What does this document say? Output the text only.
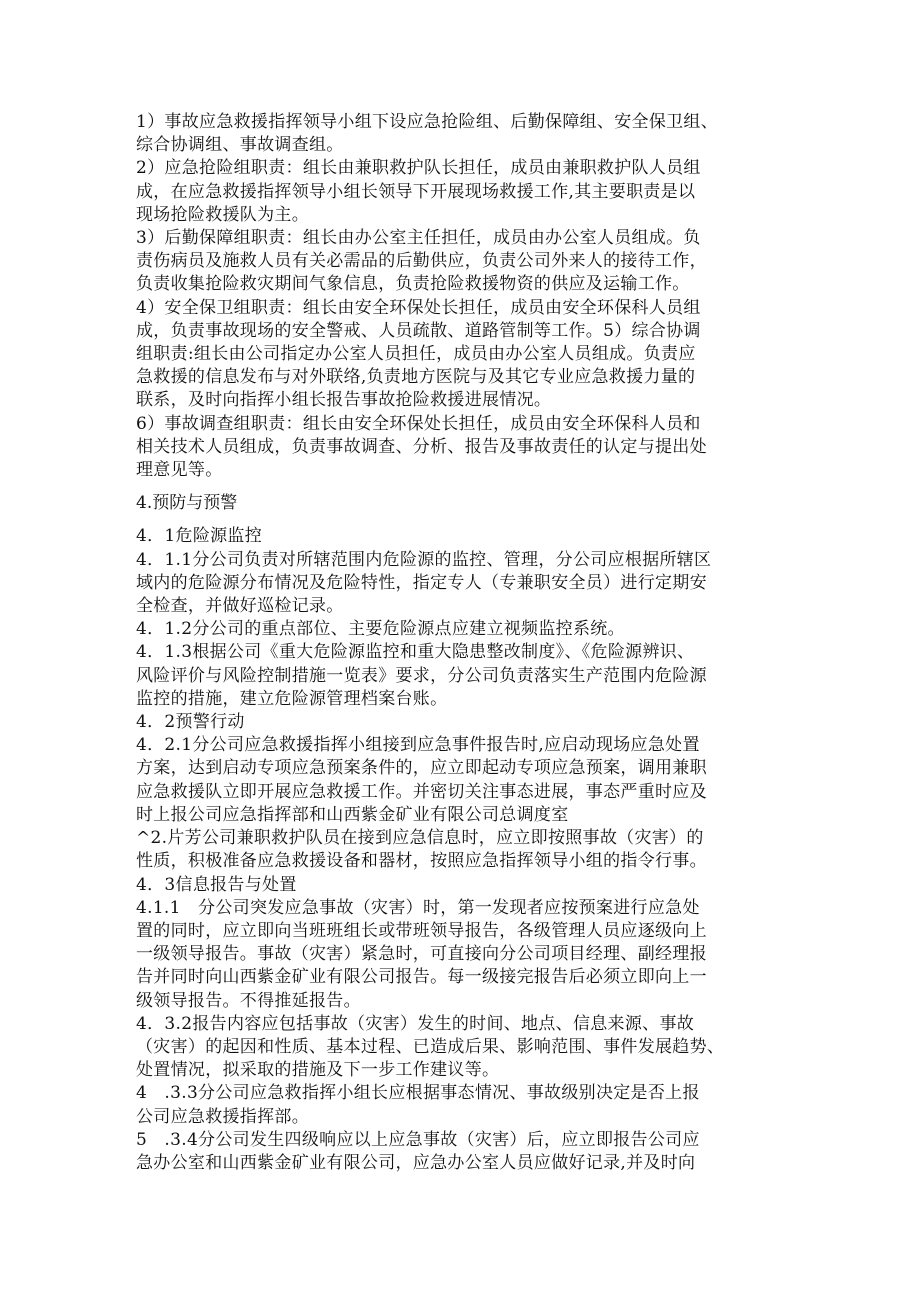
1）事故应急救援指挥领导小组下设应急抢险组、后勤保障组、安全保卫组、
综合协调组、事故调查组。
2）应急抢险组职责：组长由兼职救护队长担任，成员由兼职救护队人员组
成，在应急救援指挥领导小组长领导下开展现场救援工作,其主要职责是以
现场抢险救援队为主。
3）后勤保障组职责：组长由办公室主任担任，成员由办公室人员组成。负
责伤病员及施救人员有关必需品的后勤供应，负责公司外来人的接待工作，
负责收集抢险救灾期间气象信息，负责抢险救援物资的供应及运输工作。
4）安全保卫组职责：组长由安全环保处长担任，成员由安全环保科人员组
成，负责事故现场的安全警戒、人员疏散、道路管制等工作。5）综合协调
组职责:组长由公司指定办公室人员担任，成员由办公室人员组成。负责应
急救援的信息发布与对外联络,负责地方医院与及其它专业应急救援力量的
联系，及时向指挥小组长报告事故抢险救援进展情况。
6）事故调查组职责：组长由安全环保处长担任，成员由安全环保科人员和
相关技术人员组成，负责事故调查、分析、报告及事故责任的认定与提出处
理意见等。
4.预防与预警
4．1危险源监控
4．1.1分公司负责对所辖范围内危险源的监控、管理，分公司应根据所辖区
域内的危险源分布情况及危险特性，指定专人（专兼职安全员）进行定期安
全检查，并做好巡检记录。
4．1.2分公司的重点部位、主要危险源点应建立视频监控系统。
4．1.3根据公司《重大危险源监控和重大隐患整改制度》、《危险源辨识、
风险评价与风险控制措施一览表》要求，分公司负责落实生产范围内危险源
监控的措施，建立危险源管理档案台账。
4．2预警行动
4．2.1分公司应急救援指挥小组接到应急事件报告时,应启动现场应急处置
方案，达到启动专项应急预案条件的，应立即起动专项应急预案，调用兼职
应急救援队立即开展应急救援工作。并密切关注事态进展，事态严重时应及
时上报公司应急指挥部和山西紫金矿业有限公司总调度室
^2.片芳公司兼职救护队员在接到应急信息时，应立即按照事故（灾害）的
性质，积极准备应急救援设备和器材，按照应急指挥领导小组的指令行事。
4．3信息报告与处置
4.1.1　分公司突发应急事故（灾害）时，第一发现者应按预案进行应急处
置的同时，应立即向当班班组长或带班领导报告，各级管理人员应逐级向上
一级领导报告。事故（灾害）紧急时，可直接向分公司项目经理、副经理报
告并同时向山西紫金矿业有限公司报告。每一级接完报告后必须立即向上一
级领导报告。不得推延报告。
4．3.2报告内容应包括事故（灾害）发生的时间、地点、信息来源、事故
（灾害）的起因和性质、基本过程、已造成后果、影响范围、事件发展趋势、
处置情况，拟采取的措施及下一步工作建议等。
4　.3.3分公司应急救指挥小组长应根据事态情况、事故级别决定是否上报
公司应急救援指挥部。
5　.3.4分公司发生四级响应以上应急事故（灾害）后，应立即报告公司应
急办公室和山西紫金矿业有限公司，应急办公室人员应做好记录,并及时向
